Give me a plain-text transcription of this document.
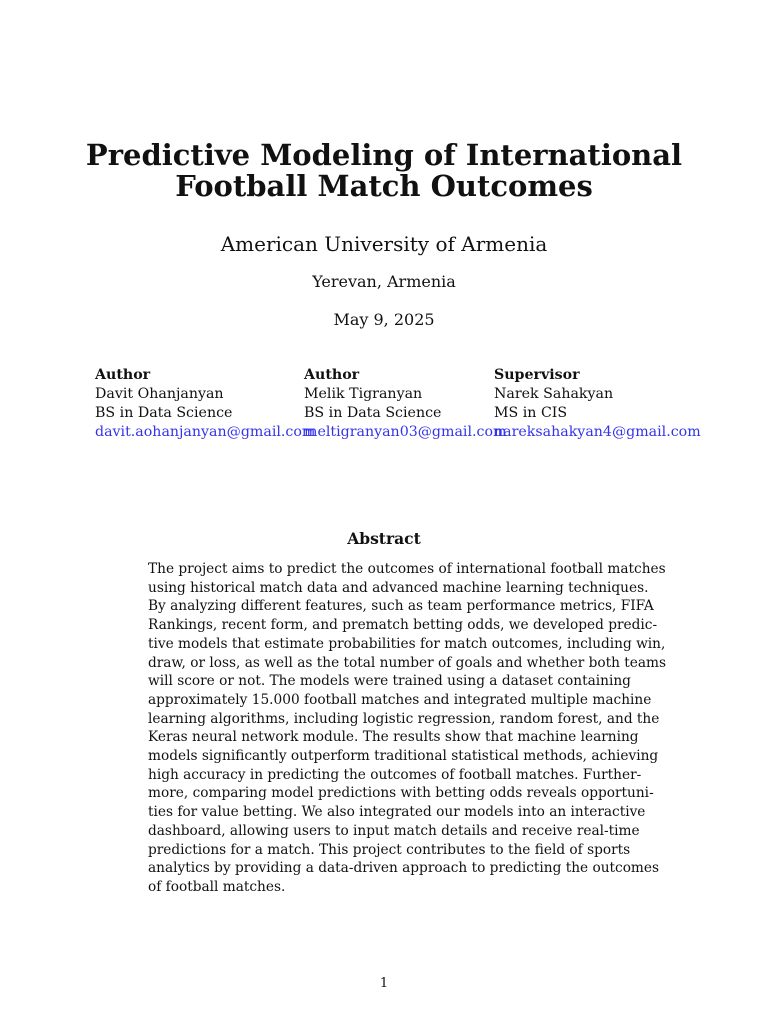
Predictive Modeling of International
Football Match Outcomes

American University of Armenia

Yerevan, Armenia

May 9, 2025

Author
Davit Ohanjanyan
BS in Data Science
davit.aohanjanyan@gmail.com
Author
Melik Tigranyan
BS in Data Science
meltigranyan03@gmail.com
Supervisor
Narek Sahakyan
MS in CIS
nareksahakyan4@gmail.com
Abstract
The project aims to predict the outcomes of international football matches
using historical match data and advanced machine learning techniques.
By analyzing different features, such as team performance metrics, FIFA
Rankings, recent form, and prematch betting odds, we developed predic-
tive models that estimate probabilities for match outcomes, including win,
draw, or loss, as well as the total number of goals and whether both teams
will score or not. The models were trained using a dataset containing
approximately 15.000 football matches and integrated multiple machine
learning algorithms, including logistic regression, random forest, and the
Keras neural network module. The results show that machine learning
models significantly outperform traditional statistical methods, achieving
high accuracy in predicting the outcomes of football matches. Further-
more, comparing model predictions with betting odds reveals opportuni-
ties for value betting. We also integrated our models into an interactive
dashboard, allowing users to input match details and receive real-time
predictions for a match. This project contributes to the field of sports
analytics by providing a data-driven approach to predicting the outcomes
of football matches.

1
